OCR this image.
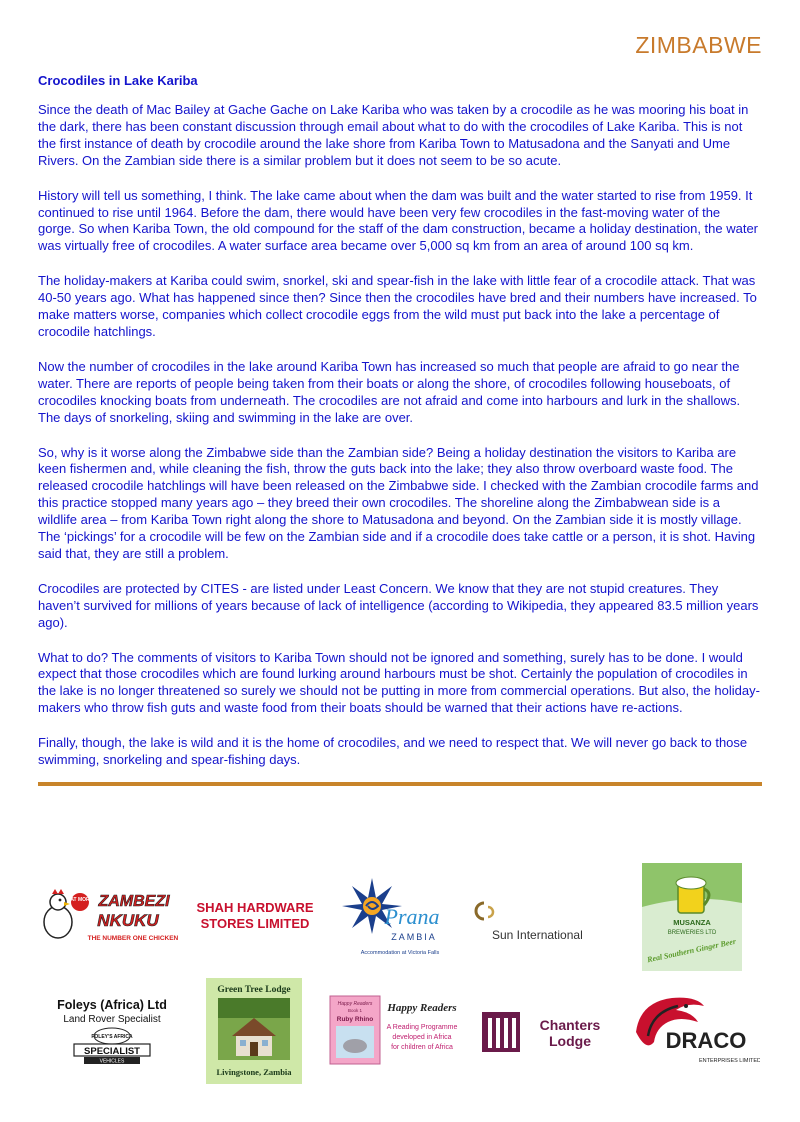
ZIMBABWE
Crocodiles in Lake Kariba

Since the death of Mac Bailey at Gache Gache on Lake Kariba who was taken by a crocodile as he was mooring his boat in the dark, there has been constant discussion through email about what to do with the crocodiles of Lake Kariba. This is not the first instance of death by crocodile around the lake shore from Kariba Town to Matusadona and the Sanyati and Ume Rivers. On the Zambian side there is a similar problem but it does not seem to be so acute.

History will tell us something, I think. The lake came about when the dam was built and the water started to rise from 1959. It continued to rise until 1964. Before the dam, there would have been very few crocodiles in the fast-moving water of the gorge. So when Kariba Town, the old compound for the staff of the dam construction, became a holiday destination, the water was virtually free of crocodiles. A water surface area became over 5,000 sq km from an area of around 100 sq km.

The holiday-makers at Kariba could swim, snorkel, ski and spear-fish in the lake with little fear of a crocodile attack. That was 40-50 years ago. What has happened since then? Since then the crocodiles have bred and their numbers have increased. To make matters worse, companies which collect crocodile eggs from the wild must put back into the lake a percentage of crocodile hatchlings.

Now the number of crocodiles in the lake around Kariba Town has increased so much that people are afraid to go near the water. There are reports of people being taken from their boats or along the shore, of crocodiles following houseboats, of crocodiles knocking boats from underneath. The crocodiles are not afraid and come into harbours and lurk in the shallows. The days of snorkeling, skiing and swimming in the lake are over.

So, why is it worse along the Zimbabwe side than the Zambian side? Being a holiday destination the visitors to Kariba are keen fishermen and, while cleaning the fish, throw the guts back into the lake; they also throw overboard waste food. The released crocodile hatchlings will have been released on the Zimbabwe side. I checked with the Zambian crocodile farms and this practice stopped many years ago – they breed their own crocodiles. The shoreline along the Zimbabwean side is a wildlife area – from Kariba Town right along the shore to Matusadona and beyond. On the Zambian side it is mostly village. The ‘pickings’ for a crocodile will be few on the Zambian side and if a crocodile does take cattle or a person, it is shot. Having said that, they are still a problem.

Crocodiles are protected by CITES - are listed under Least Concern. We know that they are not stupid creatures. They haven’t survived for millions of years because of lack of intelligence (according to Wikipedia, they appeared 83.5 million years ago).

What to do? The comments of visitors to Kariba Town should not be ignored and something, surely has to be done. I would expect that those crocodiles which are found lurking around harbours must be shot. Certainly the population of crocodiles in the lake is no longer threatened so surely we should not be putting in more from commercial operations. But also, the holiday-makers who throw fish guts and waste food from their boats should be warned that their actions have re-actions.

Finally, though, the lake is wild and it is the home of crocodiles, and we need to respect that. We will never go back to those swimming, snorkeling and spear-fishing days.

EAT MORE ZAMBEZI
NKUKU
THE NUMBER ONE CHICKEN!
SHAH HARDWARE
STORES LIMITED	Prana
ZAMBIA
Accommodation at Victoria Falls
Sun International
MUSANZA
BREWERIES LTD
Real Southern Ginger Beer
Foleys (Africa) Ltd
Land Rover Specialist
FOLEY'S AFRICA
SPECIALIST
VEHICLES
Green Tree Lodge
Livingstone, Zambia
Happy Readers
Book 1
Ruby Rhino
Happy Readers
A Reading Programme
developed in Africa
for children of Africa
Chanters
Lodge	DRACO
ENTERPRISES LIMITED
